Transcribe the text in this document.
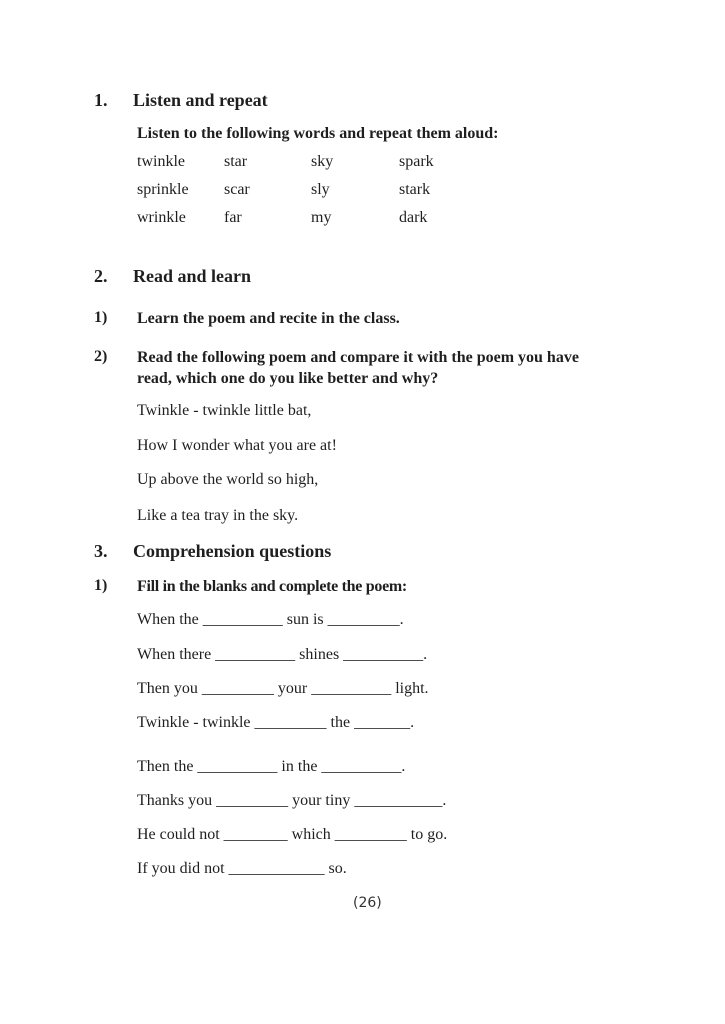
1. Listen and repeat
Listen to the following words and repeat them aloud:
twinkle star	sky	spark
sprinkle scar	sly	stark
wrinkle far	my	dark
2. Read and learn
1) Learn the poem and recite in the class.
2) Read the following poem and compare it with the poem you have
read, which one do you like better and why?
Twinkle - twinkle little bat,
How I wonder what you are at!
Up above the world so high,
Like a tea tray in the sky.
3. Comprehension questions
1) Fill in the blanks and complete the poem:
When the __________ sun is _________.
When there __________ shines __________.
Then you _________ your __________ light.
Twinkle - twinkle _________ the _______.
Then the __________ in the __________.
Thanks you _________ your tiny ___________.
He could not ________ which _________ to go.
If you did not ____________ so.
(26)
